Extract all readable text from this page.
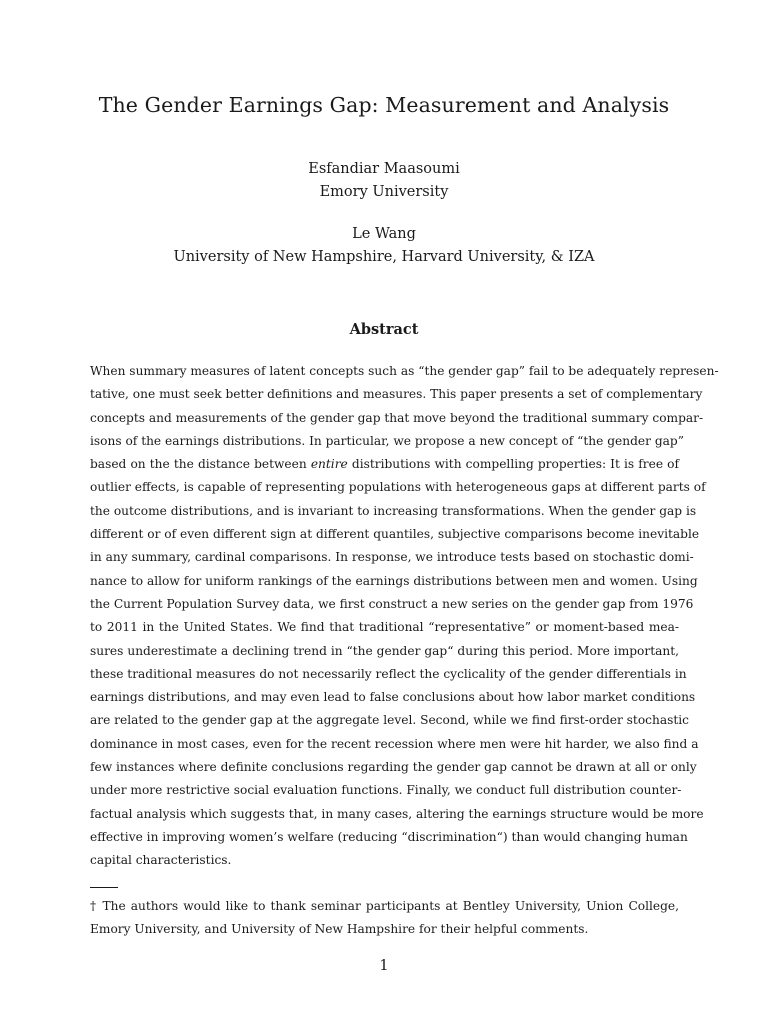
The Gender Earnings Gap: Measurement and Analysis
Esfandiar Maasoumi
Emory University
Le Wang
University of New Hampshire, Harvard University, & IZA
Abstract
When summary measures of latent concepts such as “the gender gap” fail to be adequately represen-
tative, one must seek better definitions and measures. This paper presents a set of complementary
concepts and measurements of the gender gap that move beyond the traditional summary compar-
isons of the earnings distributions. In particular, we propose a new concept of “the gender gap”
based on the the distance between entire distributions with compelling properties: It is free of
outlier effects, is capable of representing populations with heterogeneous gaps at different parts of
the outcome distributions, and is invariant to increasing transformations. When the gender gap is
different or of even different sign at different quantiles, subjective comparisons become inevitable
in any summary, cardinal comparisons. In response, we introduce tests based on stochastic domi-
nance to allow for uniform rankings of the earnings distributions between men and women. Using
the Current Population Survey data, we first construct a new series on the gender gap from 1976
to 2011 in the United States. We find that traditional “representative” or moment-based mea-
sures underestimate a declining trend in “the gender gap“ during this period. More important,
these traditional measures do not necessarily reflect the cyclicality of the gender differentials in
earnings distributions, and may even lead to false conclusions about how labor market conditions
are related to the gender gap at the aggregate level. Second, while we find first-order stochastic
dominance in most cases, even for the recent recession where men were hit harder, we also find a
few instances where definite conclusions regarding the gender gap cannot be drawn at all or only
under more restrictive social evaluation functions. Finally, we conduct full distribution counter-
factual analysis which suggests that, in many cases, altering the earnings structure would be more
effective in improving women’s welfare (reducing “discrimination“) than would changing human
capital characteristics.
† The authors would like to thank seminar participants at Bentley University, Union College,
Emory University, and University of New Hampshire for their helpful comments.
1
